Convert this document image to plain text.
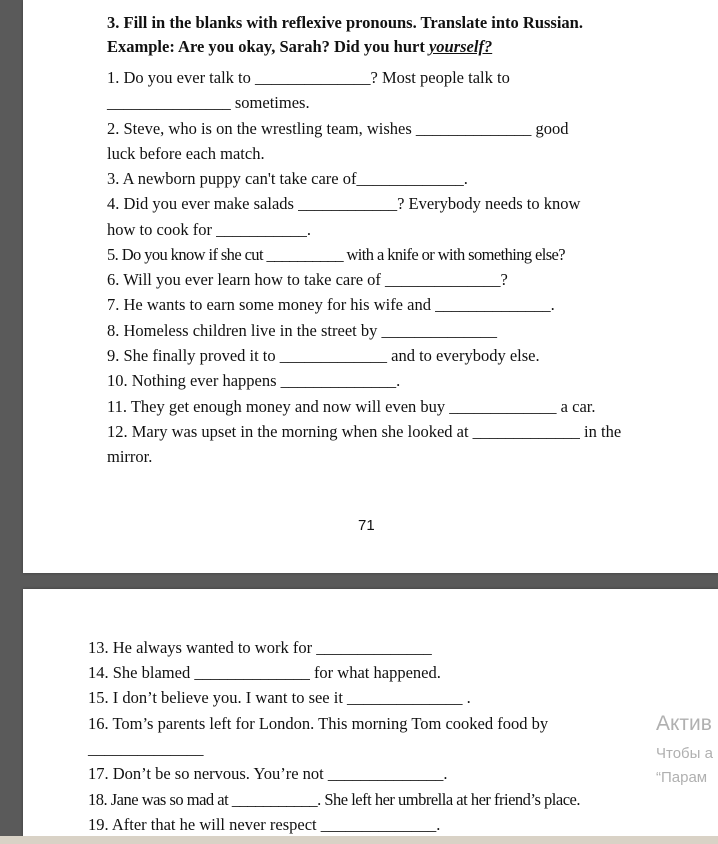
3. Fill in the blanks with reflexive pronouns. Translate into Russian.
Example: Are you okay, Sarah? Did you hurt yourself?
1. Do you ever talk to ______________? Most people talk to
_______________ sometimes.
2. Steve, who is on the wrestling team, wishes ______________ good
luck before each match.
3. A newborn puppy can't take care of_____________.
4. Did you ever make salads ____________? Everybody needs to know
how to cook for ___________.
5. Do you know if she cut __________ with a knife or with something else?
6. Will you ever learn how to take care of ______________?
7. He wants to earn some money for his wife and ______________.
8. Homeless children live in the street by ______________
9. She finally proved it to _____________ and to everybody else.
10. Nothing ever happens ______________.
11. They get enough money and now will even buy _____________ a car.
12. Mary was upset in the morning when she looked at _____________ in the
mirror.
71
13. He always wanted to work for ______________
14. She blamed ______________ for what happened.
15. I don’t believe you. I want to see it ______________ .
16. Tom’s parents left for London. This morning Tom cooked food by
______________
17. Don’t be so nervous. You’re not ______________.
18. Jane was so mad at ___________. She left her umbrella at her friend’s place.
19. After that he will never respect ______________.
Актив
Чтобы а
“Парам
